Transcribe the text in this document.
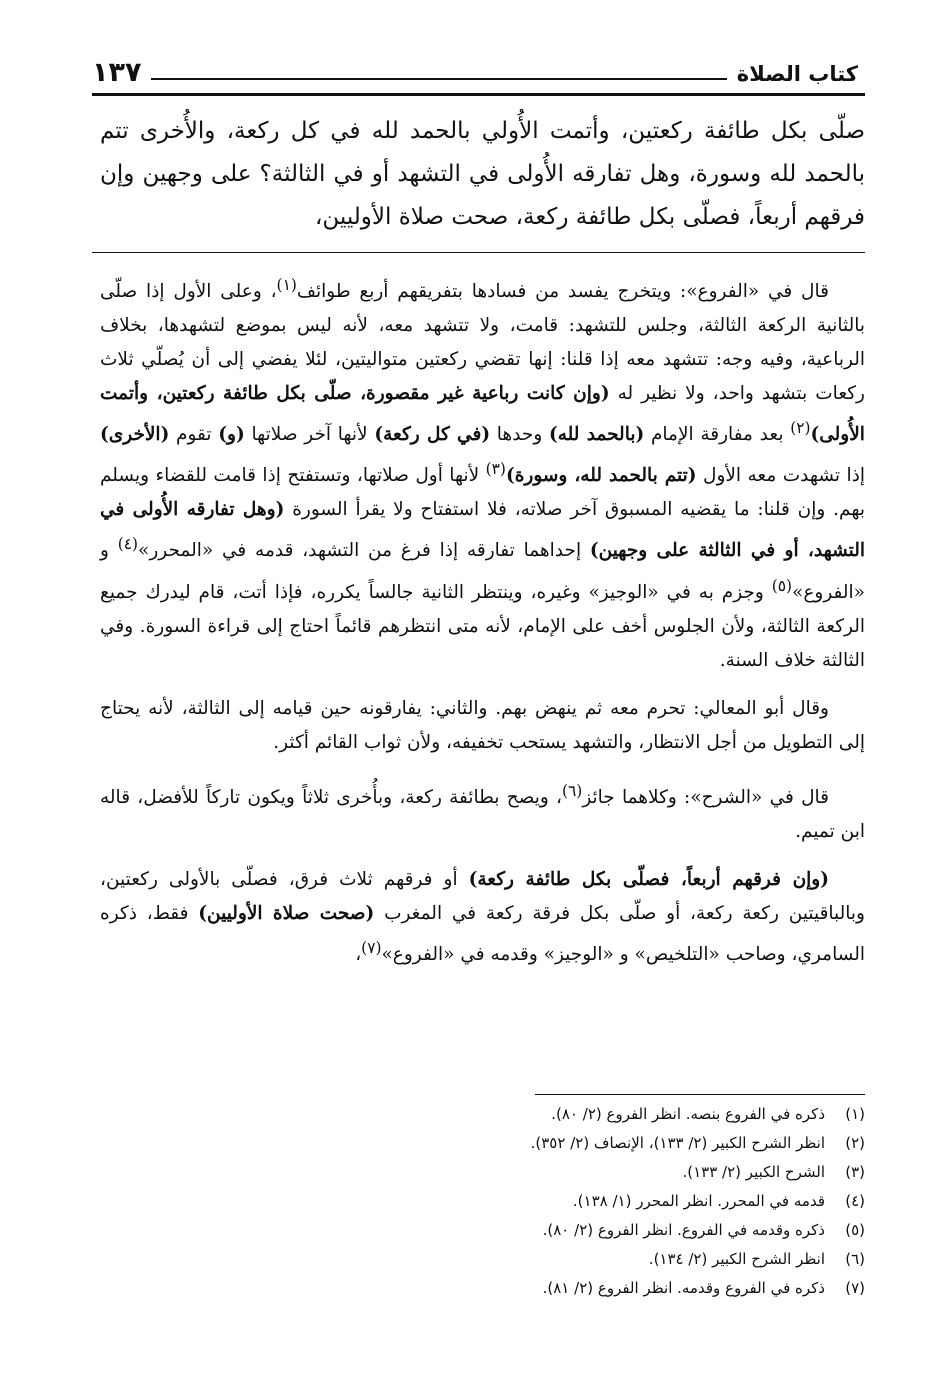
كتاب الصلاة
١٣٧

صلّى بكل طائفة ركعتين، وأتمت الأُولي بالحمد لله في كل ركعة، والأُخرى تتم بالحمد لله وسورة، وهل تفارقه الأُولى في التشهد أو في الثالثة؟ على وجهين وإن فرقهم أربعاً، فصلّى بكل طائفة ركعة، صحت صلاة الأوليين،

قال في «الفروع»: ويتخرج يفسد من فسادها بتفريقهم أربع طوائف$^{(١)}$، وعلى الأول إذا صلّى بالثانية الركعة الثالثة، وجلس للتشهد: قامت، ولا تتشهد معه، لأنه ليس بموضع لتشهدها، بخلاف الرباعية، وفيه وجه: تتشهد معه إذا قلنا: إنها تقضي ركعتين متواليتين، لئلا يفضي إلى أن يُصلّي ثلاث ركعات بتشهد واحد، ولا نظير له (وإن كانت رباعية غير مقصورة، صلّى بكل طائفة ركعتين، وأتمت الأُولى)$^{(٢)}$ بعد مفارقة الإمام (بالحمد لله) وحدها (في كل ركعة) لأنها آخر صلاتها (و) تقوم (الأخرى) إذا تشهدت معه الأول (تتم بالحمد لله، وسورة)$^{(٣)}$ لأنها أول صلاتها، وتستفتح إذا قامت للقضاء ويسلم بهم. وإن قلنا: ما يقضيه المسبوق آخر صلاته، فلا استفتاح ولا يقرأ السورة (وهل تفارقه الأُولى في التشهد، أو في الثالثة على وجهين) إحداهما تفارقه إذا فرغ من التشهد، قدمه في «المحرر»$^{(٤)}$ و «الفروع»$^{(٥)}$ وجزم به في «الوجيز» وغيره، وينتظر الثانية جالساً يكرره، فإذا أتت، قام ليدرك جميع الركعة الثالثة، ولأن الجلوس أخف على الإمام، لأنه متى انتظرهم قائماً احتاج إلى قراءة السورة. وفي الثالثة خلاف السنة.

وقال أبو المعالي: تحرم معه ثم ينهض بهم. والثاني: يفارقونه حين قيامه إلى الثالثة، لأنه يحتاج إلى التطويل من أجل الانتظار، والتشهد يستحب تخفيفه، ولأن ثواب القائم أكثر.

قال في «الشرح»: وكلاهما جائز$^{(٦)}$، ويصح بطائفة ركعة، وبأُخرى ثلاثاً ويكون تاركاً للأفضل، قاله ابن تميم.

(وإن فرقهم أربعاً، فصلّى بكل طائفة ركعة) أو فرقهم ثلاث فرق، فصلّى بالأولى ركعتين، وبالباقيتين ركعة ركعة، أو صلّى بكل فرقة ركعة في المغرب (صحت صلاة الأوليين) فقط، ذكره السامري، وصاحب «التلخيص» و «الوجيز» وقدمه في «الفروع»$^{(٧)}$،

(١)
ذكره في الفروع بنصه. انظر الفروع (٢/ ٨٠).
(٢)
انظر الشرح الكبير (٢/ ١٣٣)، الإنصاف (٢/ ٣٥٢).
(٣)
الشرح الكبير (٢/ ١٣٣).
(٤)
قدمه في المحرر. انظر المحرر (١/ ١٣٨).
(٥)
ذكره وقدمه في الفروع. انظر الفروع (٢/ ٨٠).
(٦)
انظر الشرح الكبير (٢/ ١٣٤).
(٧)
ذكره في الفروع وقدمه. انظر الفروع (٢/ ٨١).
